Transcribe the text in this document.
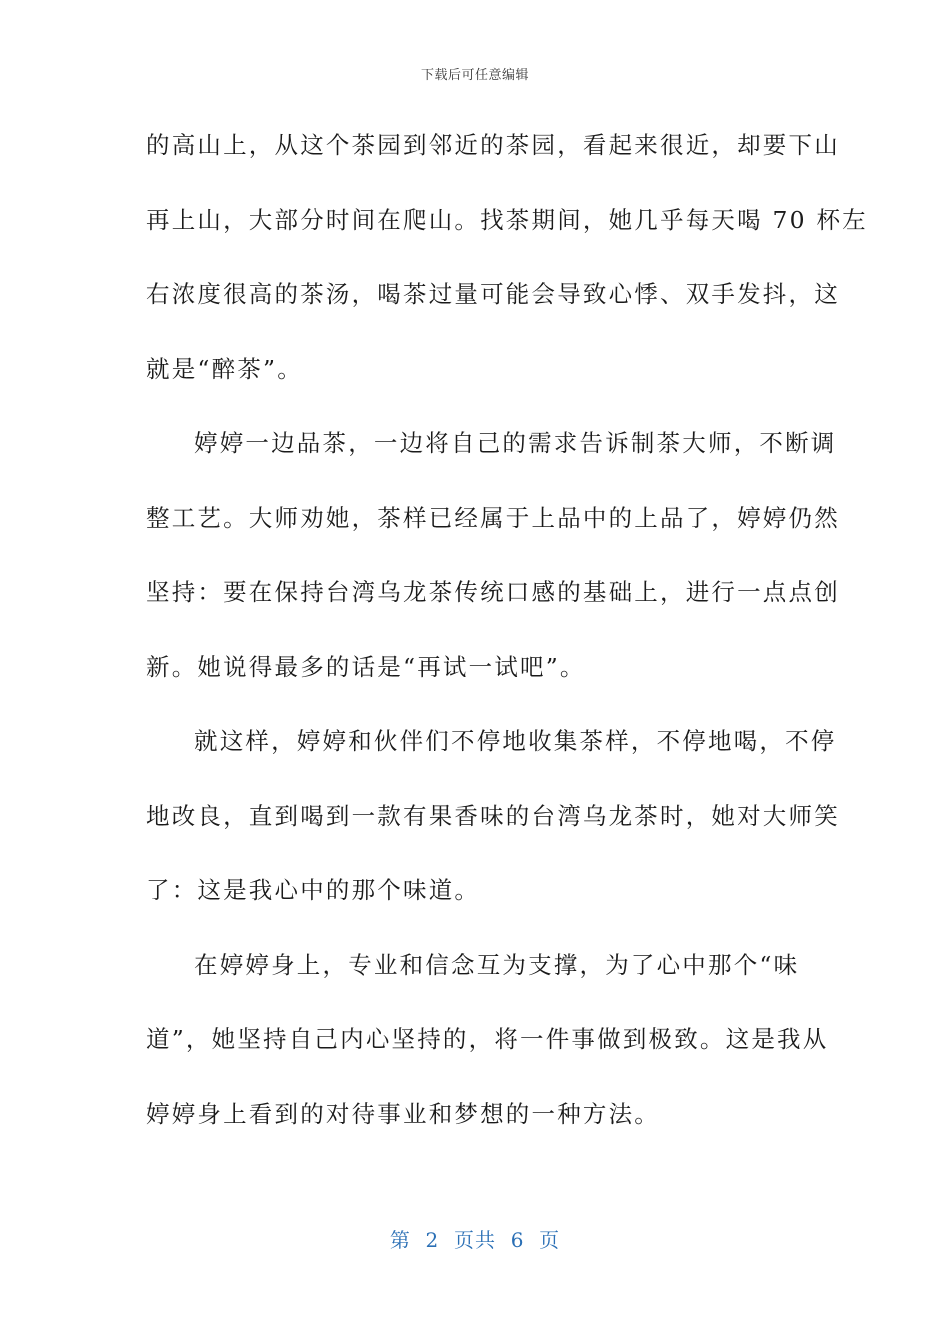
下载后可任意编辑
的高山上，从这个茶园到邻近的茶园，看起来很近，却要下山
再上山，大部分时间在爬山。找茶期间，她几乎每天喝 70 杯左
右浓度很高的茶汤，喝茶过量可能会导致心悸、双手发抖，这
就是“醉茶”。
婷婷一边品茶，一边将自己的需求告诉制茶大师，不断调
整工艺。大师劝她，茶样已经属于上品中的上品了，婷婷仍然
坚持：要在保持台湾乌龙茶传统口感的基础上，进行一点点创
新。她说得最多的话是“再试一试吧”。
就这样，婷婷和伙伴们不停地收集茶样，不停地喝，不停
地改良，直到喝到一款有果香味的台湾乌龙茶时，她对大师笑
了：这是我心中的那个味道。
在婷婷身上，专业和信念互为支撑，为了心中那个“味
道”，她坚持自己内心坚持的，将一件事做到极致。这是我从
婷婷身上看到的对待事业和梦想的一种方法。
第  2  页共  6  页
